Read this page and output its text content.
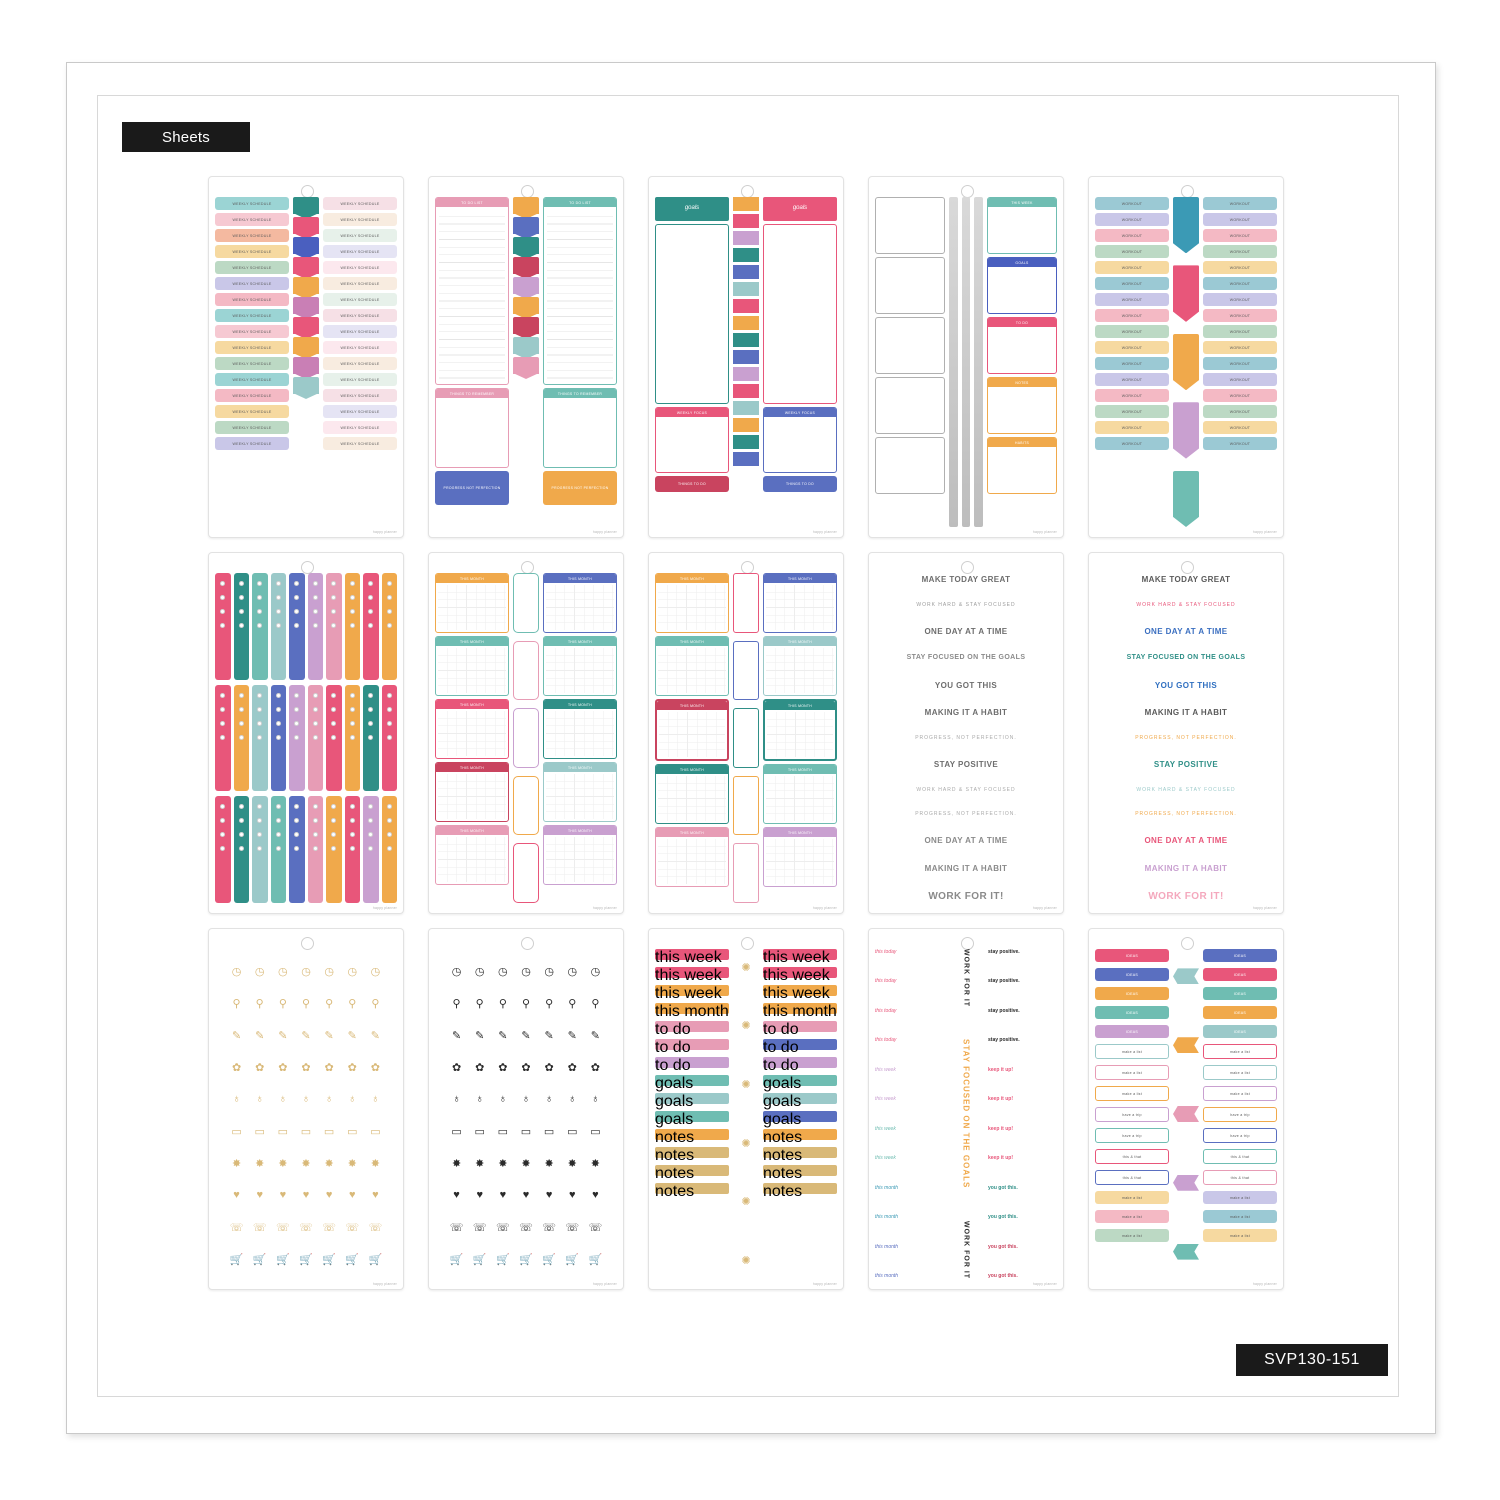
Sheets
SVP130-151
WEEKLY SCHEDULE
WEEKLY SCHEDULE
WEEKLY SCHEDULE
WEEKLY SCHEDULE
WEEKLY SCHEDULE
WEEKLY SCHEDULE
WEEKLY SCHEDULE
WEEKLY SCHEDULE
WEEKLY SCHEDULE
WEEKLY SCHEDULE
WEEKLY SCHEDULE
WEEKLY SCHEDULE
WEEKLY SCHEDULE
WEEKLY SCHEDULE
WEEKLY SCHEDULE
WEEKLY SCHEDULE
WEEKLY SCHEDULE
WEEKLY SCHEDULE
WEEKLY SCHEDULE
WEEKLY SCHEDULE
WEEKLY SCHEDULE
WEEKLY SCHEDULE
WEEKLY SCHEDULE
WEEKLY SCHEDULE
WEEKLY SCHEDULE
WEEKLY SCHEDULE
WEEKLY SCHEDULE
WEEKLY SCHEDULE
WEEKLY SCHEDULE
WEEKLY SCHEDULE
WEEKLY SCHEDULE
WEEKLY SCHEDULE
happy planner
TO DO LIST
THINGS TO REMEMBER
PROGRESS NOT PERFECTION
TO DO LIST
THINGS TO REMEMBER
PROGRESS NOT PERFECTION
happy planner
goals
WEEKLY FOCUS
THINGS TO DO
goals
WEEKLY FOCUS
THINGS TO DO
happy planner
THIS WEEK
GOALS
TO DO
NOTES
HABITS
happy planner
WORKOUT
WORKOUT
WORKOUT
WORKOUT
WORKOUT
WORKOUT
WORKOUT
WORKOUT
WORKOUT
WORKOUT
WORKOUT
WORKOUT
WORKOUT
WORKOUT
WORKOUT
WORKOUT
WORKOUT
WORKOUT
WORKOUT
WORKOUT
WORKOUT
WORKOUT
WORKOUT
WORKOUT
WORKOUT
WORKOUT
WORKOUT
WORKOUT
WORKOUT
WORKOUT
WORKOUT
WORKOUT
happy planner
happy planner
THIS MONTH
THIS MONTH
THIS MONTH
THIS MONTH
THIS MONTH
THIS MONTH
THIS MONTH
THIS MONTH
THIS MONTH
THIS MONTH
happy planner
THIS MONTH
THIS MONTH
THIS MONTH
THIS MONTH
THIS MONTH
THIS MONTH
THIS MONTH
THIS MONTH
THIS MONTH
THIS MONTH
happy planner
MAKE TODAY GREAT
WORK HARD & STAY FOCUSED
ONE DAY AT A TIME
STAY FOCUSED ON THE GOALS
YOU GOT THIS
MAKING IT A HABIT
PROGRESS, NOT PERFECTION.
STAY POSITIVE
WORK HARD & STAY FOCUSED
PROGRESS, NOT PERFECTION.
ONE DAY AT A TIME
MAKING IT A HABIT
WORK FOR IT!
happy planner
MAKE TODAY GREAT
WORK HARD & STAY FOCUSED
ONE DAY AT A TIME
STAY FOCUSED ON THE GOALS
YOU GOT THIS
MAKING IT A HABIT
PROGRESS, NOT PERFECTION.
STAY POSITIVE
WORK HARD & STAY FOCUSED
PROGRESS, NOT PERFECTION.
ONE DAY AT A TIME
MAKING IT A HABIT
WORK FOR IT!
happy planner
◷	◷	◷	◷	◷	◷	◷
⚲	⚲	⚲	⚲	⚲	⚲	⚲
✎	✎	✎	✎	✎	✎	✎
✿	✿	✿	✿	✿	✿	✿
♁	♁	♁	♁	♁	♁	♁
▭	▭	▭	▭	▭	▭	▭
✸	✸	✸	✸	✸	✸	✸
♥	♥	♥	♥	♥	♥	♥
☏ ☏ ☏ ☏ ☏ ☏ ☏
🛒 🛒 🛒 🛒 🛒 🛒 🛒
happy planner
◷	◷	◷	◷	◷	◷	◷
⚲	⚲	⚲	⚲	⚲	⚲	⚲
✎	✎	✎	✎	✎	✎	✎
✿	✿	✿	✿	✿	✿	✿
♁	♁	♁	♁	♁	♁	♁
▭	▭	▭	▭	▭	▭	▭
✸	✸	✸	✸	✸	✸	✸
♥	♥	♥	♥	♥	♥	♥
☏ ☏ ☏ ☏ ☏ ☏ ☏
🛒 🛒 🛒 🛒 🛒 🛒 🛒
happy planner
this week
this week
this week
this month
to do
to do
to do
goals
goals
goals
notes
notes
notes
notes
✺
✺
✺
✺
✺
✺
this week
this week
this week
this month
to do
to do
to do
goals
goals
goals
notes
notes
notes
notes
happy planner
this today
this today
this today
this today
this week
this week
this week
this week
this month
this month
this month
this month
WORK FOR IT
STAY FOCUSED ON THE GOALS
WORK FOR IT
stay positive.
stay positive.
stay positive.
stay positive.
keep it up!
keep it up!
keep it up!
keep it up!
you got this.
you got this.
you got this.
you got this.
happy planner
IDEAS
IDEAS
IDEAS
IDEAS
IDEAS
make a list
make a list
make a list
have a trip
have a trip
this & that
this & that
make a list
make a list
make a list
IDEAS
IDEAS
IDEAS
IDEAS
IDEAS
make a list
make a list
make a list
have a trip
have a trip
this & that
this & that
make a list
make a list
make a list
happy planner
